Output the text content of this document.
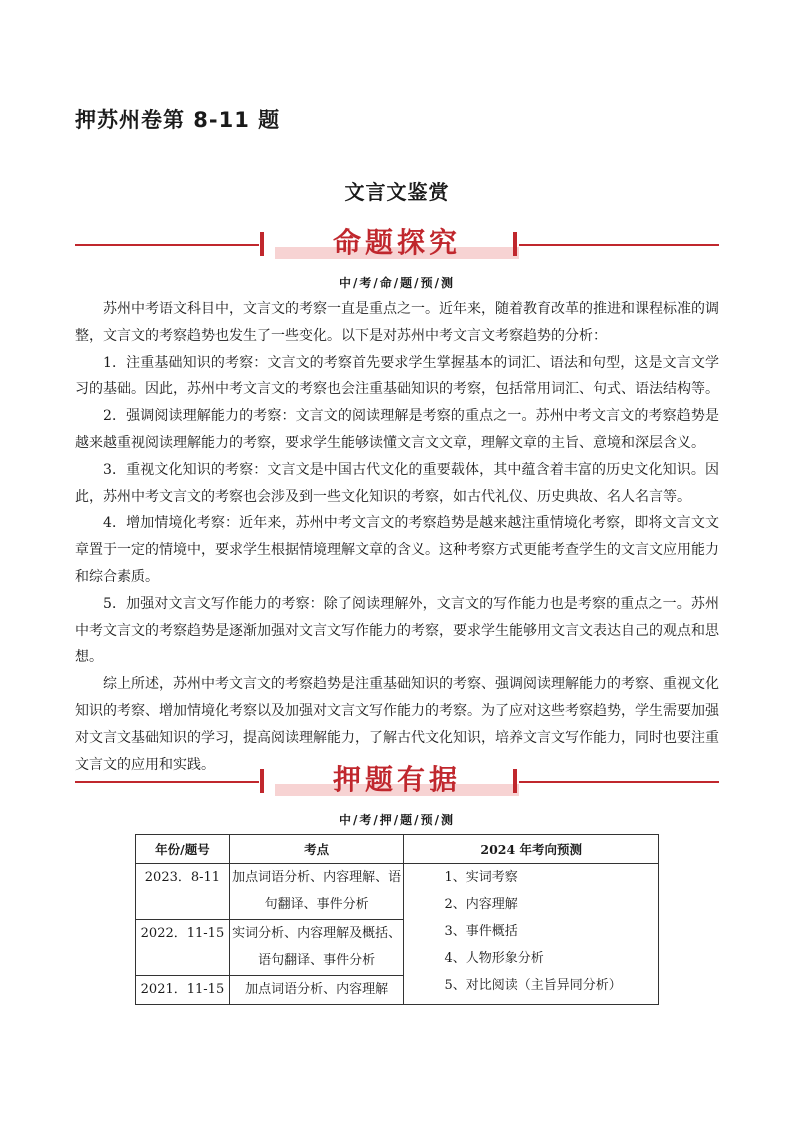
押苏州卷第 8-11 题
文言文鉴赏
命题探究
中/考/命/题/预/测

苏州中考语文科目中，文言文的考察一直是重点之一。近年来，随着教育改革的推进和课程标准的调整，文言文的考察趋势也发生了一些变化。以下是对苏州中考文言文考察趋势的分析：

1．注重基础知识的考察：文言文的考察首先要求学生掌握基本的词汇、语法和句型，这是文言文学习的基础。因此，苏州中考文言文的考察也会注重基础知识的考察，包括常用词汇、句式、语法结构等。

2．强调阅读理解能力的考察：文言文的阅读理解是考察的重点之一。苏州中考文言文的考察趋势是越来越重视阅读理解能力的考察，要求学生能够读懂文言文文章，理解文章的主旨、意境和深层含义。

3．重视文化知识的考察：文言文是中国古代文化的重要载体，其中蕴含着丰富的历史文化知识。因此，苏州中考文言文的考察也会涉及到一些文化知识的考察，如古代礼仪、历史典故、名人名言等。

4．增加情境化考察：近年来，苏州中考文言文的考察趋势是越来越注重情境化考察，即将文言文文章置于一定的情境中，要求学生根据情境理解文章的含义。这种考察方式更能考查学生的文言文应用能力和综合素质。

5．加强对文言文写作能力的考察：除了阅读理解外，文言文的写作能力也是考察的重点之一。苏州中考文言文的考察趋势是逐渐加强对文言文写作能力的考察，要求学生能够用文言文表达自己的观点和思想。

综上所述，苏州中考文言文的考察趋势是注重基础知识的考察、强调阅读理解能力的考察、重视文化知识的考察、增加情境化考察以及加强对文言文写作能力的考察。为了应对这些考察趋势，学生需要加强对文言文基础知识的学习，提高阅读理解能力，了解古代文化知识，培养文言文写作能力，同时也要注重文言文的应用和实践。	押题有据
中/考/押/题/预/测
年份/题号	考点	2024 年考向预测
2023．8-11	加点词语分析、内容理解、语句翻译、事件分析	1、实词考察
2、内容理解
3、事件概括
4、人物形象分析
5、对比阅读（主旨异同分析）

2022．11-15	实词分析、内容理解及概括、语句翻译、事件分析	
2021．11-15	加点词语分析、内容理解	
